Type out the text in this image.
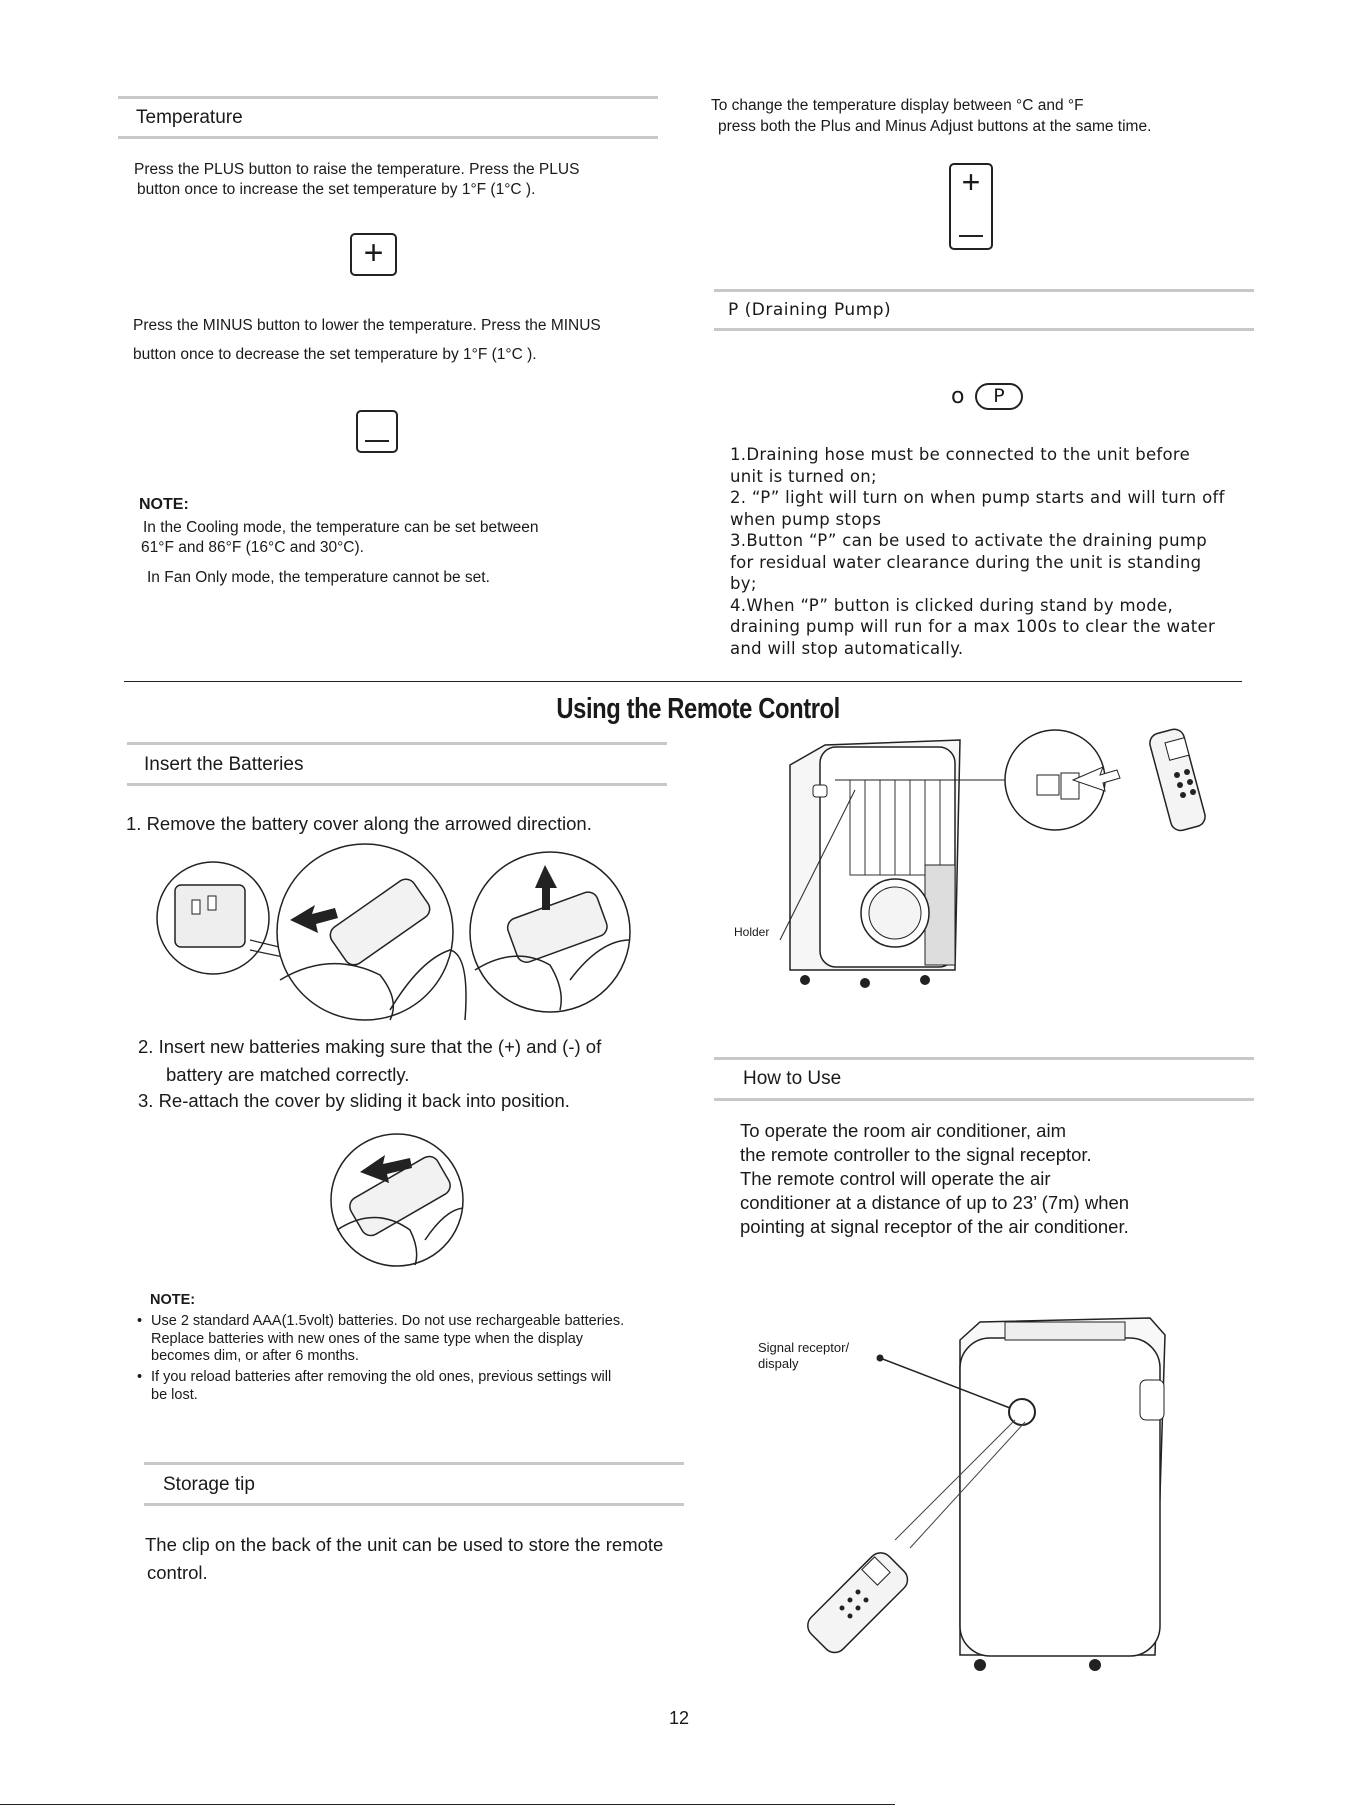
Temperature
Press the PLUS button to raise the temperature. Press the PLUS
button once to increase the set temperature by 1°F (1°C ).
+
Press the MINUS button to lower the temperature. Press the MINUS
button once to decrease the set temperature by 1°F (1°C ).
NOTE:
In the Cooling mode, the temperature can be set between
61°F and 86°F (16°C and 30°C).
In Fan Only mode, the temperature cannot be set.
To change the temperature display between °C and °F
press both the Plus and Minus Adjust buttons at the same time.
+
P (Draining Pump)
o	P
1.Draining hose must be connected to the unit before
unit is turned on;
2. “P” light will turn on when pump starts and will turn off
when pump stops
3.Button “P” can be used to activate the draining pump
for residual water clearance during the unit is standing
by;
4.When “P” button is clicked during stand by mode,
draining pump will run for a max 100s to clear the water
and will stop automatically.
Using the Remote Control
Insert the Batteries
1. Remove the battery cover along the arrowed direction.
2. Insert new batteries making sure that the (+) and (-) of
battery are matched correctly.
3. Re-attach the cover by sliding it back into position.
NOTE:
• Use 2 standard AAA(1.5volt) batteries. Do not use rechargeable batteries.
Replace batteries with new ones of the same type when the display
becomes dim, or after 6 months.
• If you reload batteries after removing the old ones, previous settings will
be lost.
Storage tip
The clip on the back of the unit can be used to store the remote
control.
Holder
How to Use
To operate the room air conditioner, aim
the remote controller to the signal receptor.
The remote control will operate the air
conditioner at a distance of up to 23’ (7m) when
pointing at signal receptor of the air conditioner.
Signal receptor/
dispaly
12
